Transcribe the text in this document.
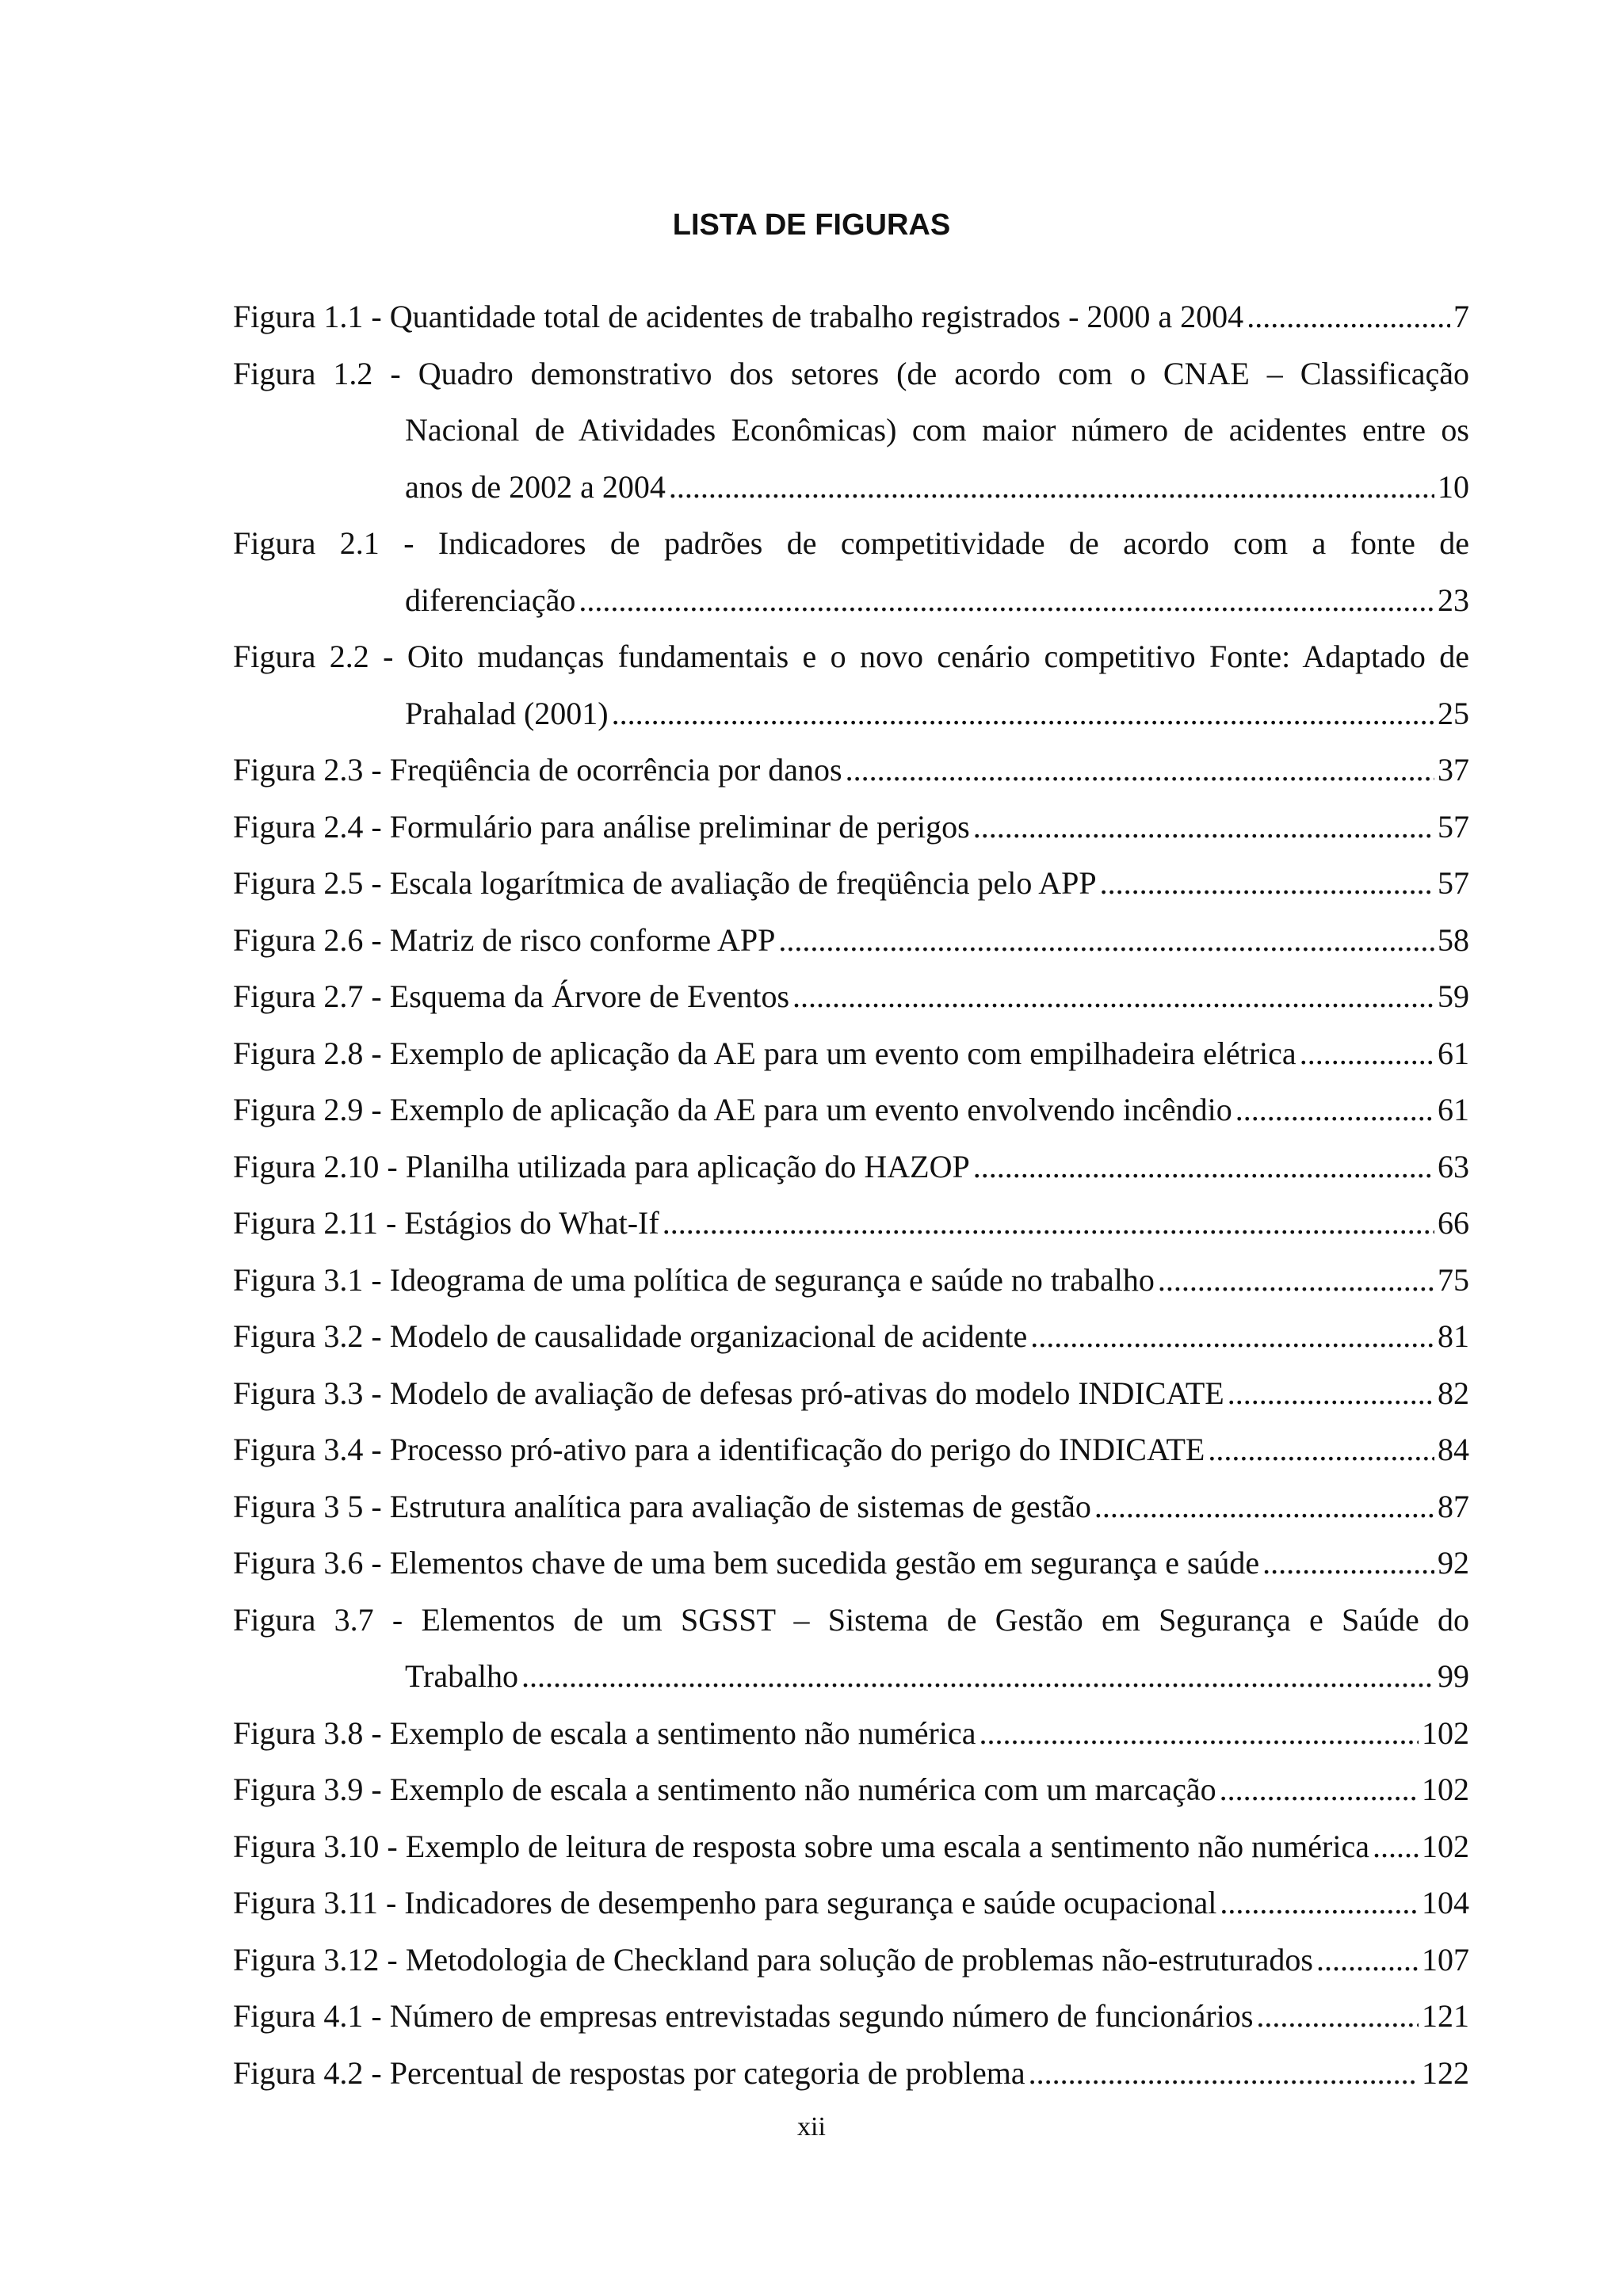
LISTA DE FIGURAS
Figura 1.1 - Quantidade total de acidentes de trabalho registrados - 2000 a 2004 .....	7
Figura 1.2 - Quadro demonstrativo dos setores (de acordo com o CNAE – Classificação
Nacional de Atividades Econômicas) com maior número de acidentes entre os
anos de 2002 a 2004 .....	10
Figura 2.1 - Indicadores de padrões de competitividade de acordo com a fonte de
diferenciação .....	23
Figura 2.2 - Oito mudanças fundamentais e o novo cenário competitivo Fonte: Adaptado de
Prahalad (2001) .....	25
Figura 2.3 - Freqüência de ocorrência por danos .....	37
Figura 2.4 - Formulário para análise preliminar de perigos .....	57
Figura 2.5 - Escala logarítmica de avaliação de freqüência pelo APP .....	57
Figura 2.6 - Matriz de risco conforme APP .....	58
Figura 2.7 - Esquema da Árvore de Eventos .....	59
Figura 2.8 - Exemplo de aplicação da AE para um evento com empilhadeira elétrica .....	61
Figura 2.9 - Exemplo de aplicação da AE para um evento envolvendo incêndio .....	61
Figura 2.10 - Planilha utilizada para aplicação do HAZOP .....	63
Figura 2.11 - Estágios do What-If .....	66
Figura 3.1 - Ideograma de uma política de segurança e saúde no trabalho .....	75
Figura 3.2 - Modelo de causalidade organizacional de acidente .....	81
Figura 3.3 - Modelo de avaliação de defesas pró-ativas do modelo INDICATE .....	82
Figura 3.4 - Processo pró-ativo para a identificação do perigo do INDICATE .....	84
Figura 3 5 - Estrutura analítica para avaliação de sistemas de gestão .....	87
Figura 3.6 - Elementos chave de uma bem sucedida gestão em segurança e saúde .....	92
Figura 3.7 - Elementos de um SGSST – Sistema de Gestão em Segurança e Saúde do
Trabalho .....	99
Figura 3.8 - Exemplo de escala a sentimento não numérica .....	102
Figura 3.9 - Exemplo de escala a sentimento não numérica com um marcação .....	102
Figura 3.10 - Exemplo de leitura de resposta sobre uma escala a sentimento não numérica ..... 102
Figura 3.11 - Indicadores de desempenho para segurança e saúde ocupacional .....	104
Figura 3.12 - Metodologia de Checkland para solução de problemas não-estruturados .....	107
Figura 4.1 - Número de empresas entrevistadas segundo número de funcionários .....	121
Figura 4.2 - Percentual de respostas por categoria de problema .....	122
xii
